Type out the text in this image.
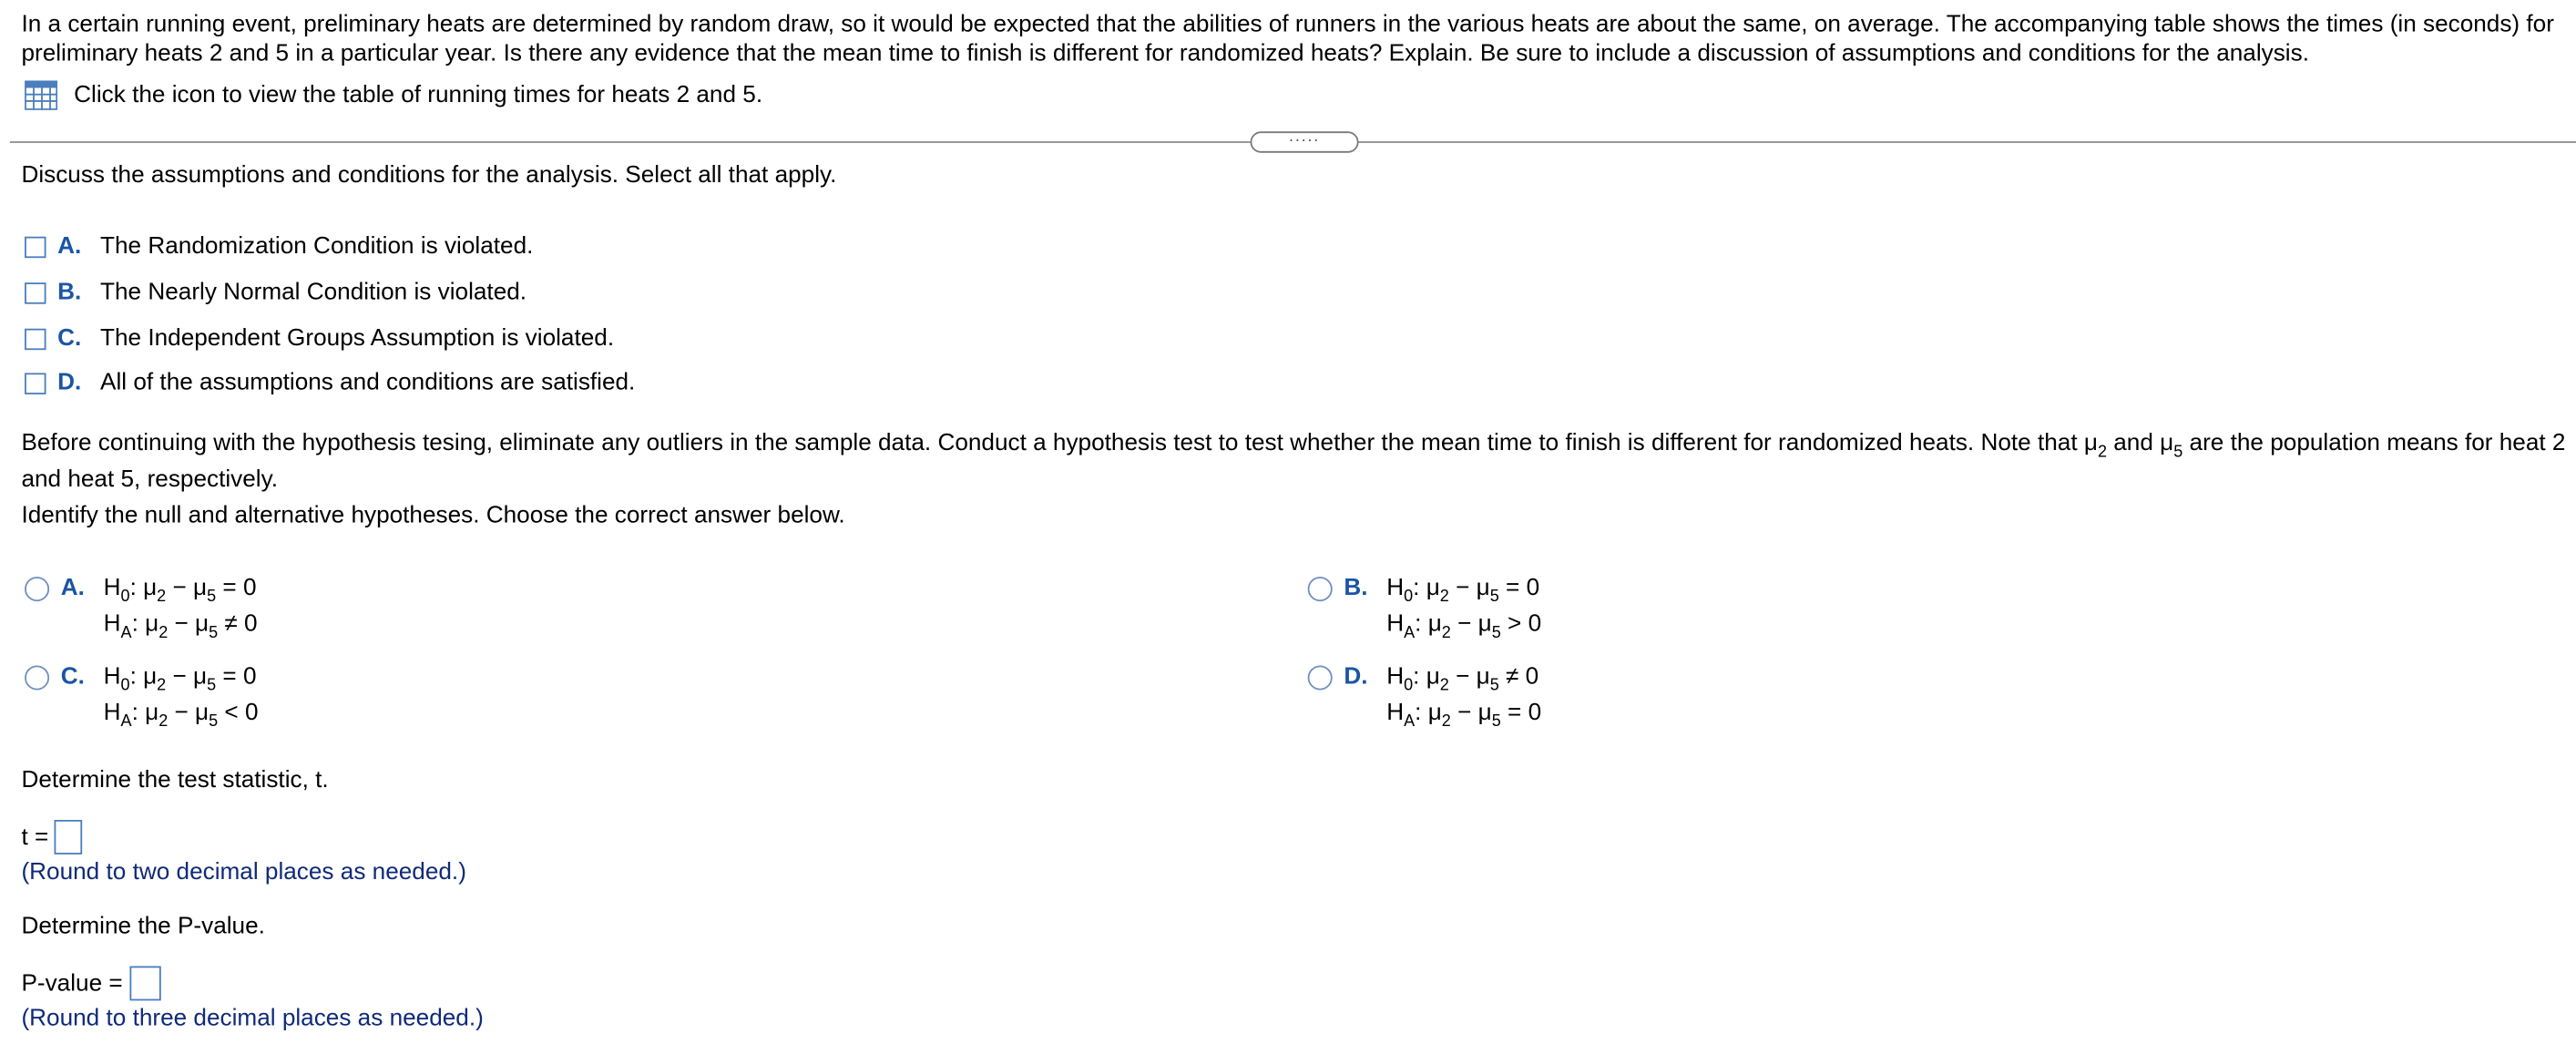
In a certain running event, preliminary heats are determined by random draw, so it would be expected that the abilities of runners in the various heats are about the same, on average. The accompanying table shows the times (in seconds) for
preliminary heats 2 and 5 in a particular year. Is there any evidence that the mean time to finish is different for randomized heats? Explain. Be sure to include a discussion of assumptions and conditions for the analysis.
Click the icon to view the table of running times for heats 2 and 5.
.....
Discuss the assumptions and conditions for the analysis. Select all that apply.
A.	The Randomization Condition is violated.
B.	The Nearly Normal Condition is violated.
C.	The Independent Groups Assumption is violated.
D.	All of the assumptions and conditions are satisfied.
Before continuing with the hypothesis tesing, eliminate any outliers in the sample data. Conduct a hypothesis test to test whether the mean time to finish is different for randomized heats. Note that $\mu_2$ and $\mu_5$ are the population means for heat 2
and heat 5, respectively.
Identify the null and alternative hypotheses. Choose the correct answer below.
A.	$H_0$: $\mu_2 - \mu_5 = 0$
$H_A$: $\mu_2 - \mu_5 \ne 0$
B.	$H_0$: $\mu_2 - \mu_5 = 0$
$H_A$: $\mu_2 - \mu_5 > 0$
C.	$H_0$: $\mu_2 - \mu_5 = 0$
$H_A$: $\mu_2 - \mu_5 < 0$
D.	$H_0$: $\mu_2 - \mu_5 \ne 0$
$H_A$: $\mu_2 - \mu_5 = 0$
Determine the test statistic, t.
t =
(Round to two decimal places as needed.)
Determine the P-value.
P-value =
(Round to three decimal places as needed.)
